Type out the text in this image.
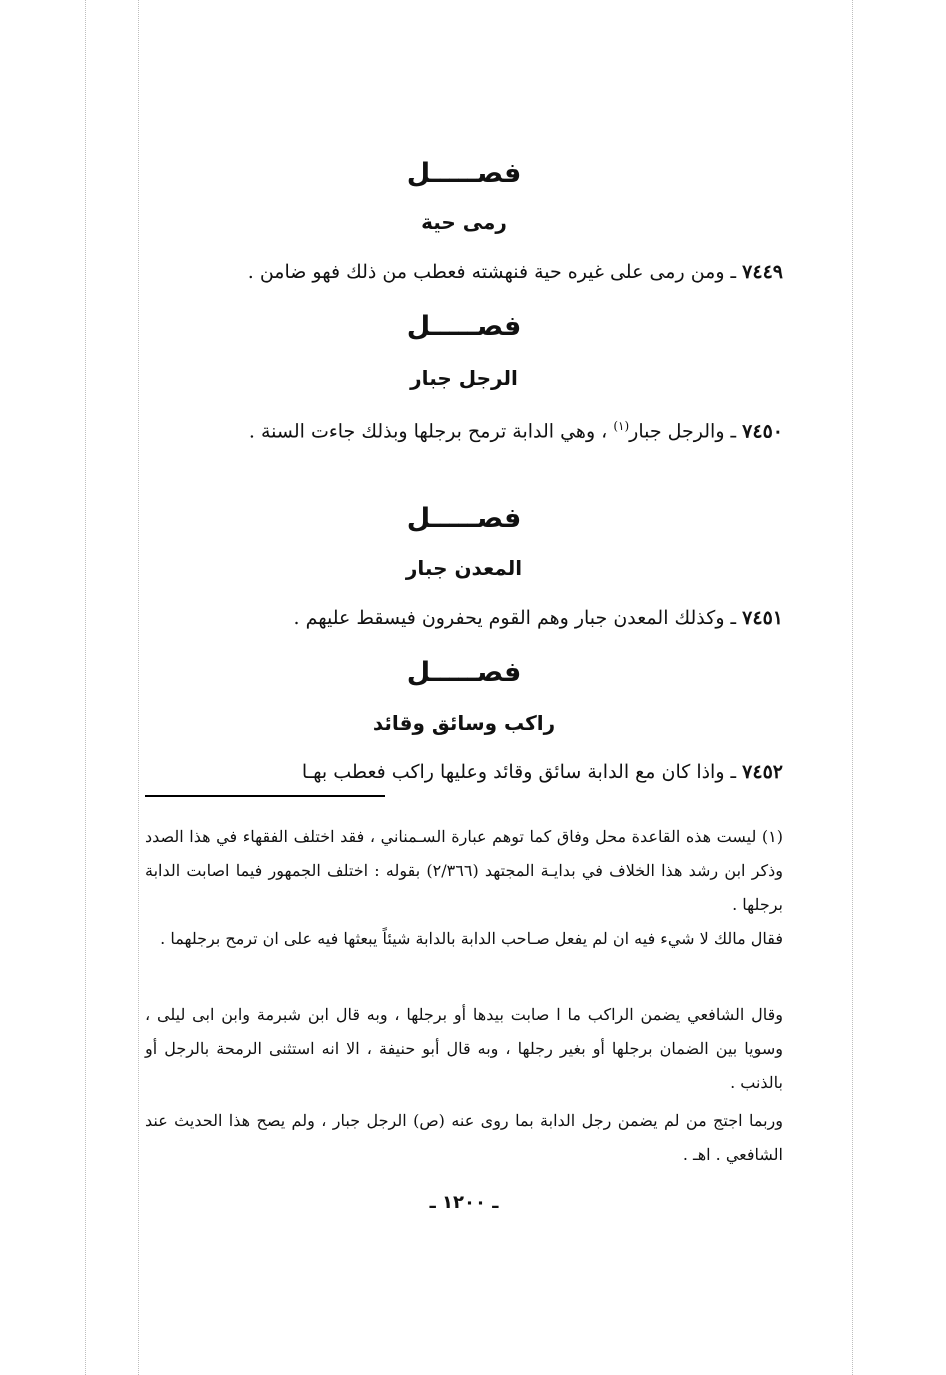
فصـــــل
رمى حية

٧٤٤٩ ـ ومن رمى على غيره حية فنهشته فعطب من ذلك فهو ضامن .

فصـــــل
الرجل جبار

٧٤٥٠ ـ والرجل جبار$^{(١)}$ ، وهي الدابة ترمح برجلها وبذلك جاءت السنة .

فصـــــل
المعدن جبار

٧٤٥١ ـ وكذلك المعدن جبار وهم القوم يحفرون فيسقط عليهم .

فصـــــل
راكب وسائق وقائد

٧٤٥٢ ـ واذا كان مع الدابة سائق وقائد وعليها راكب فعطب بهـا

(١) ليست هذه القاعدة محل وفاق كما توهم عبارة السـمناني ، فقد اختلف الفقهاء في هذا الصدد وذكر ابن رشد هذا الخلاف في بدايـة المجتهد (٢/٣٦٦) بقوله : اختلف الجمهور فيما اصابت الدابة برجلها .

فقال مالك لا شيء فيه ان لم يفعل صـاحب الدابة بالدابة شيئاً يبعثها فيه على ان ترمح برجلهما .

وقال الشافعي يضمن الراكب ما ا صابت بيدها أو برجلها ، وبه قال ابن شبرمة وابن ابى ليلى ، وسويا بين الضمان برجلها أو بغير رجلها ، وبه قال أبو حنيفة ، الا انه استثنى الرمحة بالرجل أو بالذنب .

وربما اجتج من لم يضمن رجل الدابة بما روى عنه (ص) الرجل جبار ، ولم يصح هذا الحديث عند الشافعي . اهـ .

ـ ١٢٠٠ ـ
